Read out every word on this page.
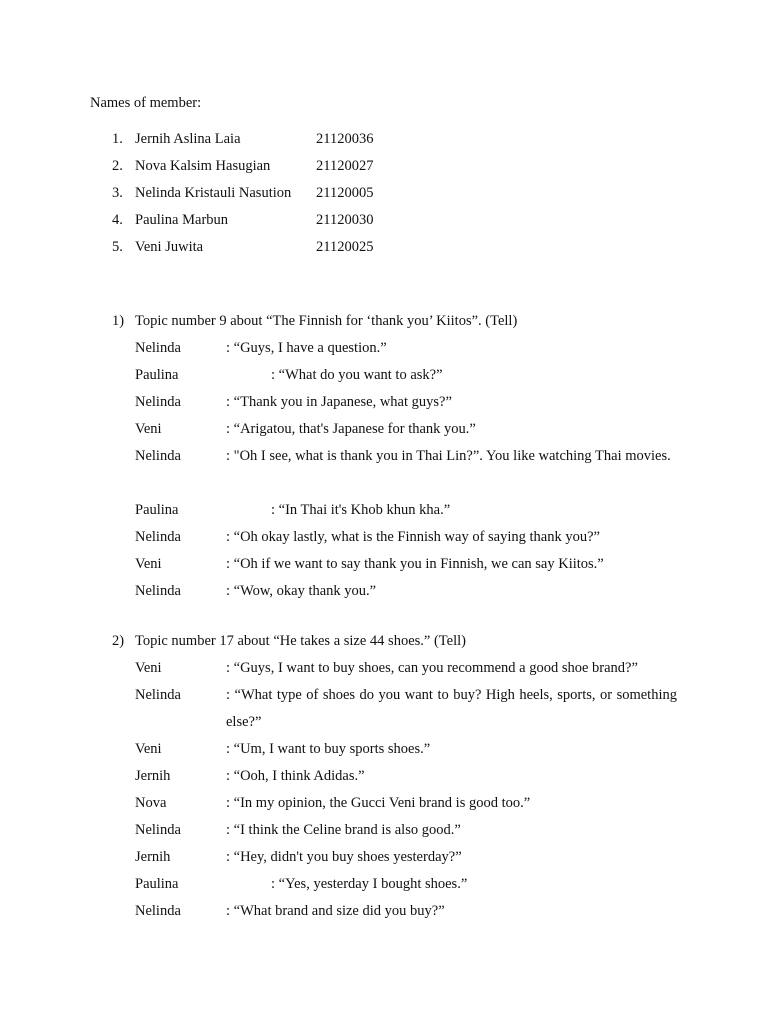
Names of member:
1. Jernih Aslina Laia	21120036
2. Nova Kalsim Hasugian	21120027
3. Nelinda Kristauli Nasution 21120005
4. Paulina Marbun	21120030
5. Veni Juwita	21120025
1) Topic number 9 about “The Finnish for ‘thank you’ Kiitos”. (Tell)
Nelinda	: “Guys, I have a question.”
Paulina	: “What do you want to ask?”
Nelinda	: “Thank you in Japanese, what guys?”
Veni	: “Arigatou, that's Japanese for thank you.”
Nelinda	: "Oh I see, what is thank you in Thai Lin?”. You like watching Thai movies.
Paulina	: “In Thai it's Khob khun kha.”
Nelinda	: “Oh okay lastly, what is the Finnish way of saying thank you?”
Veni	: “Oh if we want to say thank you in Finnish, we can say Kiitos.”
Nelinda	: “Wow, okay thank you.”
2) Topic number 17 about “He takes a size 44 shoes.” (Tell)
Veni	: “Guys, I want to buy shoes, can you recommend a good shoe brand?”
Nelinda	: “What type of shoes do you want to buy? High heels, sports, or something else?”
Veni	: “Um, I want to buy sports shoes.”
Jernih	: “Ooh, I think Adidas.”
Nova	: “In my opinion, the Gucci Veni brand is good too.”
Nelinda	: “I think the Celine brand is also good.”
Jernih	: “Hey, didn't you buy shoes yesterday?”
Paulina	: “Yes, yesterday I bought shoes.”
Nelinda	: “What brand and size did you buy?”
